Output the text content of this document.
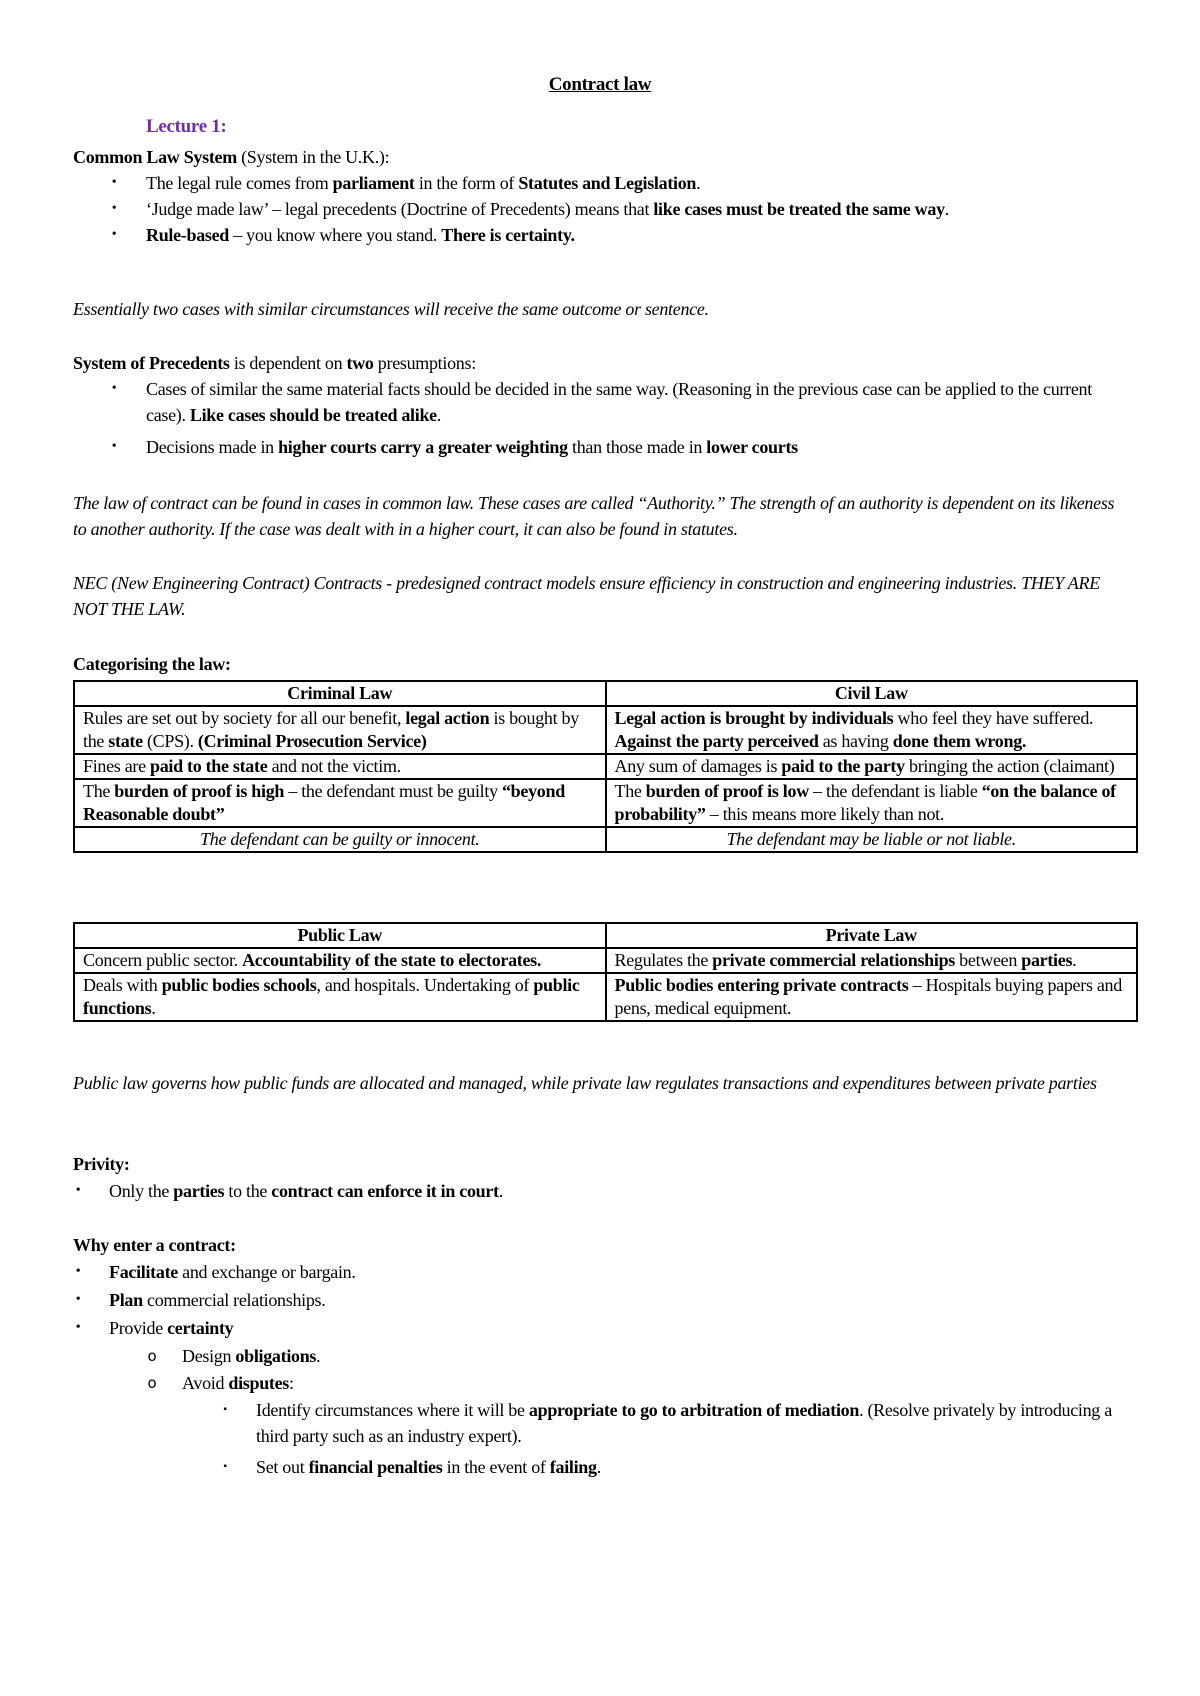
Contract law
Lecture 1:
Common Law System (System in the U.K.):
• The legal rule comes from parliament in the form of Statutes and Legislation.
• ‘Judge made law’ – legal precedents (Doctrine of Precedents) means that like cases must be treated the same way.
• Rule-based – you know where you stand. There is certainty.
Essentially two cases with similar circumstances will receive the same outcome or sentence.
System of Precedents is dependent on two presumptions:
• Cases of similar the same material facts should be decided in the same way. (Reasoning in the previous case can be applied to the current case). Like cases should be treated alike.
• Decisions made in higher courts carry a greater weighting than those made in lower courts
The law of contract can be found in cases in common law. These cases are called “Authority.” The strength of an authority is dependent on its likeness to another authority. If the case was dealt with in a higher court, it can also be found in statutes.
NEC (New Engineering Contract) Contracts - predesigned contract models ensure efficiency in construction and engineering industries. THEY ARE NOT THE LAW.
Categorising the law:
Criminal Law	Civil Law
Rules are set out by society for all our benefit, legal action is bought by the state (CPS). (Criminal Prosecution Service)	Legal action is brought by individuals who feel they have suffered. Against the party perceived as having done them wrong.
Fines are paid to the state and not the victim.	Any sum of damages is paid to the party bringing the action (claimant)
The burden of proof is high – the defendant must be guilty “beyond Reasonable doubt”	The burden of proof is low – the defendant is liable “on the balance of probability” – this means more likely than not.
The defendant can be guilty or innocent.	The defendant may be liable or not liable.
Public Law	Private Law
Concern public sector. Accountability of the state to electorates.	Regulates the private commercial relationships between parties.
Deals with public bodies schools, and hospitals. Undertaking of public functions.	Public bodies entering private contracts – Hospitals buying papers and pens, medical equipment.
Public law governs how public funds are allocated and managed, while private law regulates transactions and expenditures between private parties
Privity:
• Only the parties to the contract can enforce it in court.
Why enter a contract:
• Facilitate and exchange or bargain.
• Plan commercial relationships.
• Provide certainty
o Design obligations.
o Avoid disputes:
▪ Identify circumstances where it will be appropriate to go to arbitration of mediation. (Resolve privately by introducing a third party such as an industry expert).
▪ Set out financial penalties in the event of failing.
